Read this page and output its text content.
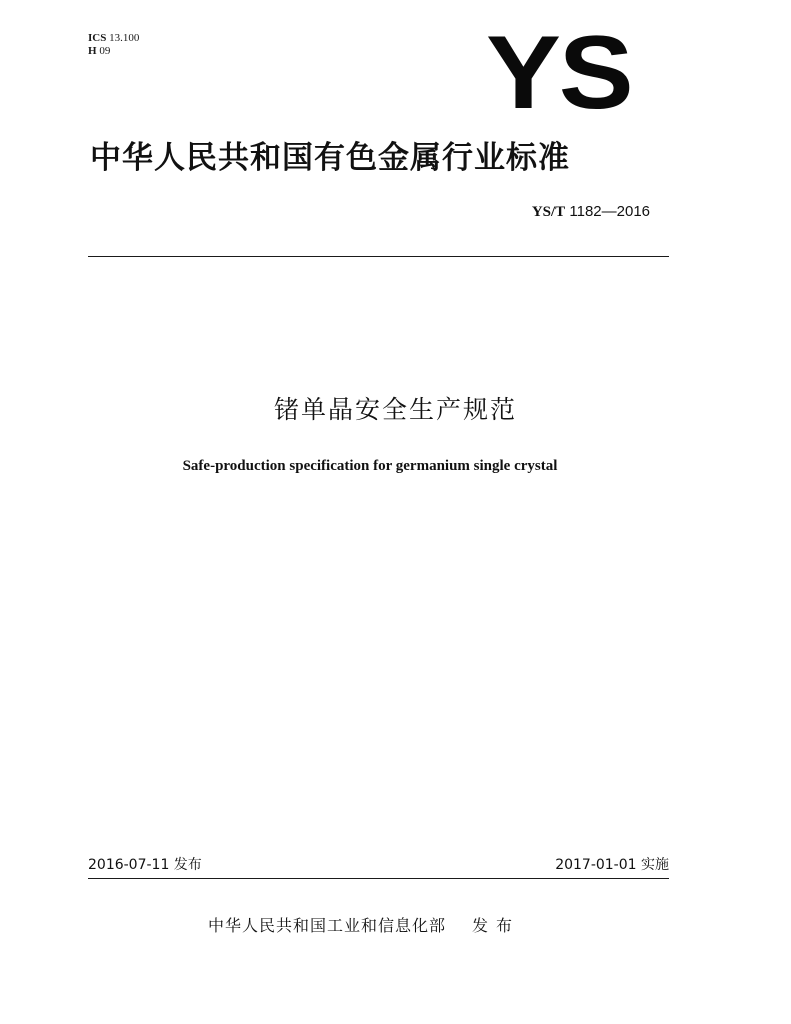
ICS 13.100
H 09	YS
中华人民共和国有色金属行业标准
YS/T 1182—2016
锗单晶安全生产规范
Safe-production specification for germanium single crystal
2016-07-11 发布	2017-01-01 实施
中华人民共和国工业和信息化部 发布
